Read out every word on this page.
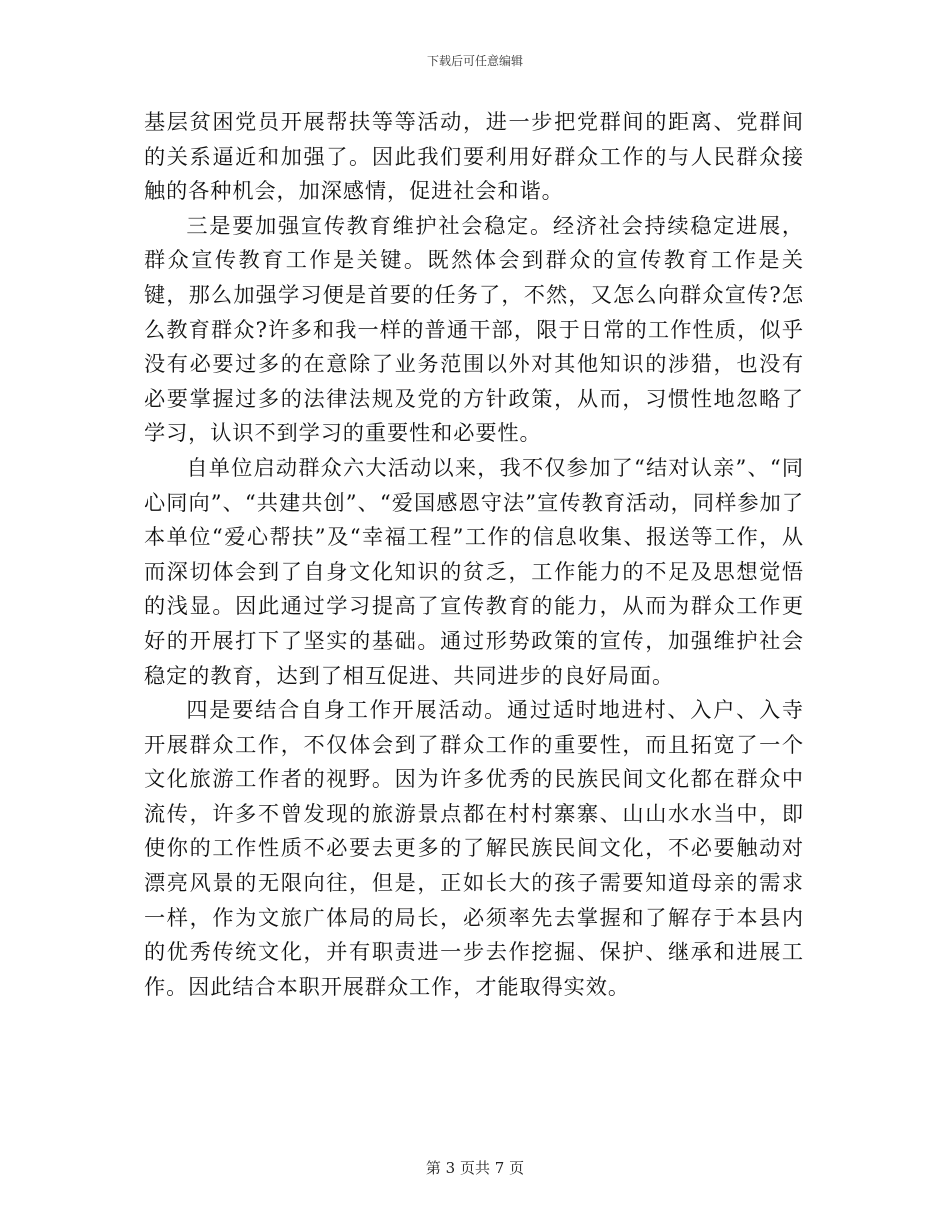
下载后可任意编辑

基层贫困党员开展帮扶等等活动，进一步把党群间的距离、党群间的关系逼近和加强了。因此我们要利用好群众工作的与人民群众接触的各种机会，加深感情，促进社会和谐。

三是要加强宣传教育维护社会稳定。经济社会持续稳定进展，群众宣传教育工作是关键。既然体会到群众的宣传教育工作是关键，那么加强学习便是首要的任务了，不然，又怎么向群众宣传?怎么教育群众?许多和我一样的普通干部，限于日常的工作性质，似乎没有必要过多的在意除了业务范围以外对其他知识的涉猎，也没有必要掌握过多的法律法规及党的方针政策，从而，习惯性地忽略了学习，认识不到学习的重要性和必要性。

自单位启动群众六大活动以来，我不仅参加了“结对认亲”、“同心同向”、“共建共创”、“爱国感恩守法”宣传教育活动，同样参加了本单位“爱心帮扶”及“幸福工程”工作的信息收集、报送等工作，从而深切体会到了自身文化知识的贫乏，工作能力的不足及思想觉悟的浅显。因此通过学习提高了宣传教育的能力，从而为群众工作更好的开展打下了坚实的基础。通过形势政策的宣传，加强维护社会稳定的教育，达到了相互促进、共同进步的良好局面。

四是要结合自身工作开展活动。通过适时地进村、入户、入寺开展群众工作，不仅体会到了群众工作的重要性，而且拓宽了一个文化旅游工作者的视野。因为许多优秀的民族民间文化都在群众中流传，许多不曾发现的旅游景点都在村村寨寨、山山水水当中，即使你的工作性质不必要去更多的了解民族民间文化，不必要触动对漂亮风景的无限向往，但是，正如长大的孩子需要知道母亲的需求一样，作为文旅广体局的局长，必须率先去掌握和了解存于本县内的优秀传统文化，并有职责进一步去作挖掘、保护、继承和进展工作。因此结合本职开展群众工作，才能取得实效。

第 3 页共 7 页
